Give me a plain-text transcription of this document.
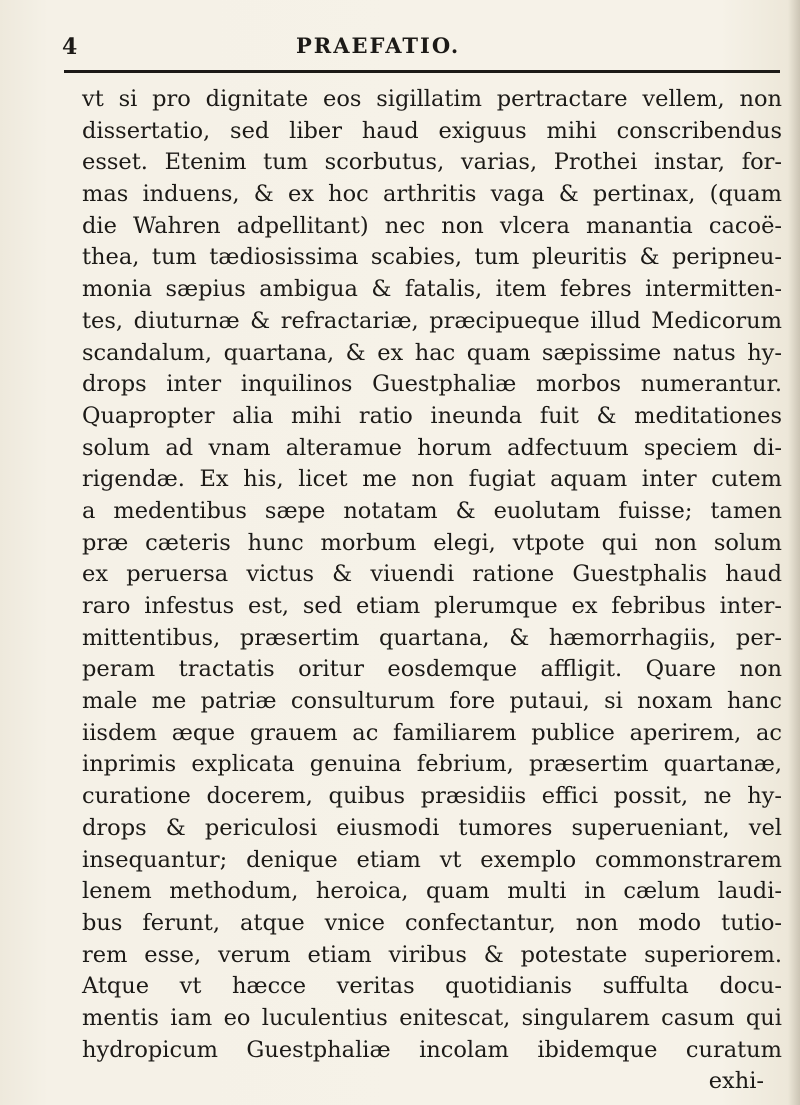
4	PRAEFATIO.
vt si pro dignitate eos sigillatim pertractare vellem, non
dissertatio, sed liber haud exiguus mihi conscribendus
esset. Etenim tum scorbutus, varias, Prothei instar, for-
mas induens, & ex hoc arthritis vaga & pertinax, (quam
die Wahren adpellitant) nec non vlcera manantia cacoë-
thea, tum tædiosissima scabies, tum pleuritis & peripneu-
monia sæpius ambigua & fatalis, item febres intermitten-
tes, diuturnæ & refractariæ, præcipueque illud Medicorum
scandalum, quartana, & ex hac quam sæpissime natus hy-
drops inter inquilinos Guestphaliæ morbos numerantur.
Quapropter alia mihi ratio ineunda fuit & meditationes
solum ad vnam alteramue horum adfectuum speciem di-
rigendæ. Ex his, licet me non fugiat aquam inter cutem
a medentibus sæpe notatam & euolutam fuisse; tamen
præ cæteris hunc morbum elegi, vtpote qui non solum
ex peruersa victus & viuendi ratione Guestphalis haud
raro infestus est, sed etiam plerumque ex febribus inter-
mittentibus, præsertim quartana, & hæmorrhagiis, per-
peram tractatis oritur eosdemque affligit. Quare non
male me patriæ consulturum fore putaui, si noxam hanc
iisdem æque grauem ac familiarem publice aperirem, ac
inprimis explicata genuina febrium, præsertim quartanæ,
curatione docerem, quibus præsidiis effici possit, ne hy-
drops & periculosi eiusmodi tumores superueniant, vel
insequantur; denique etiam vt exemplo commonstrarem
lenem methodum, heroica, quam multi in cælum laudi-
bus ferunt, atque vnice confectantur, non modo tutio-
rem esse, verum etiam viribus & potestate superiorem.
Atque vt hæcce veritas quotidianis suffulta docu-
mentis iam eo luculentius enitescat, singularem casum qui
hydropicum Guestphaliæ incolam ibidemque curatum
exhi-
